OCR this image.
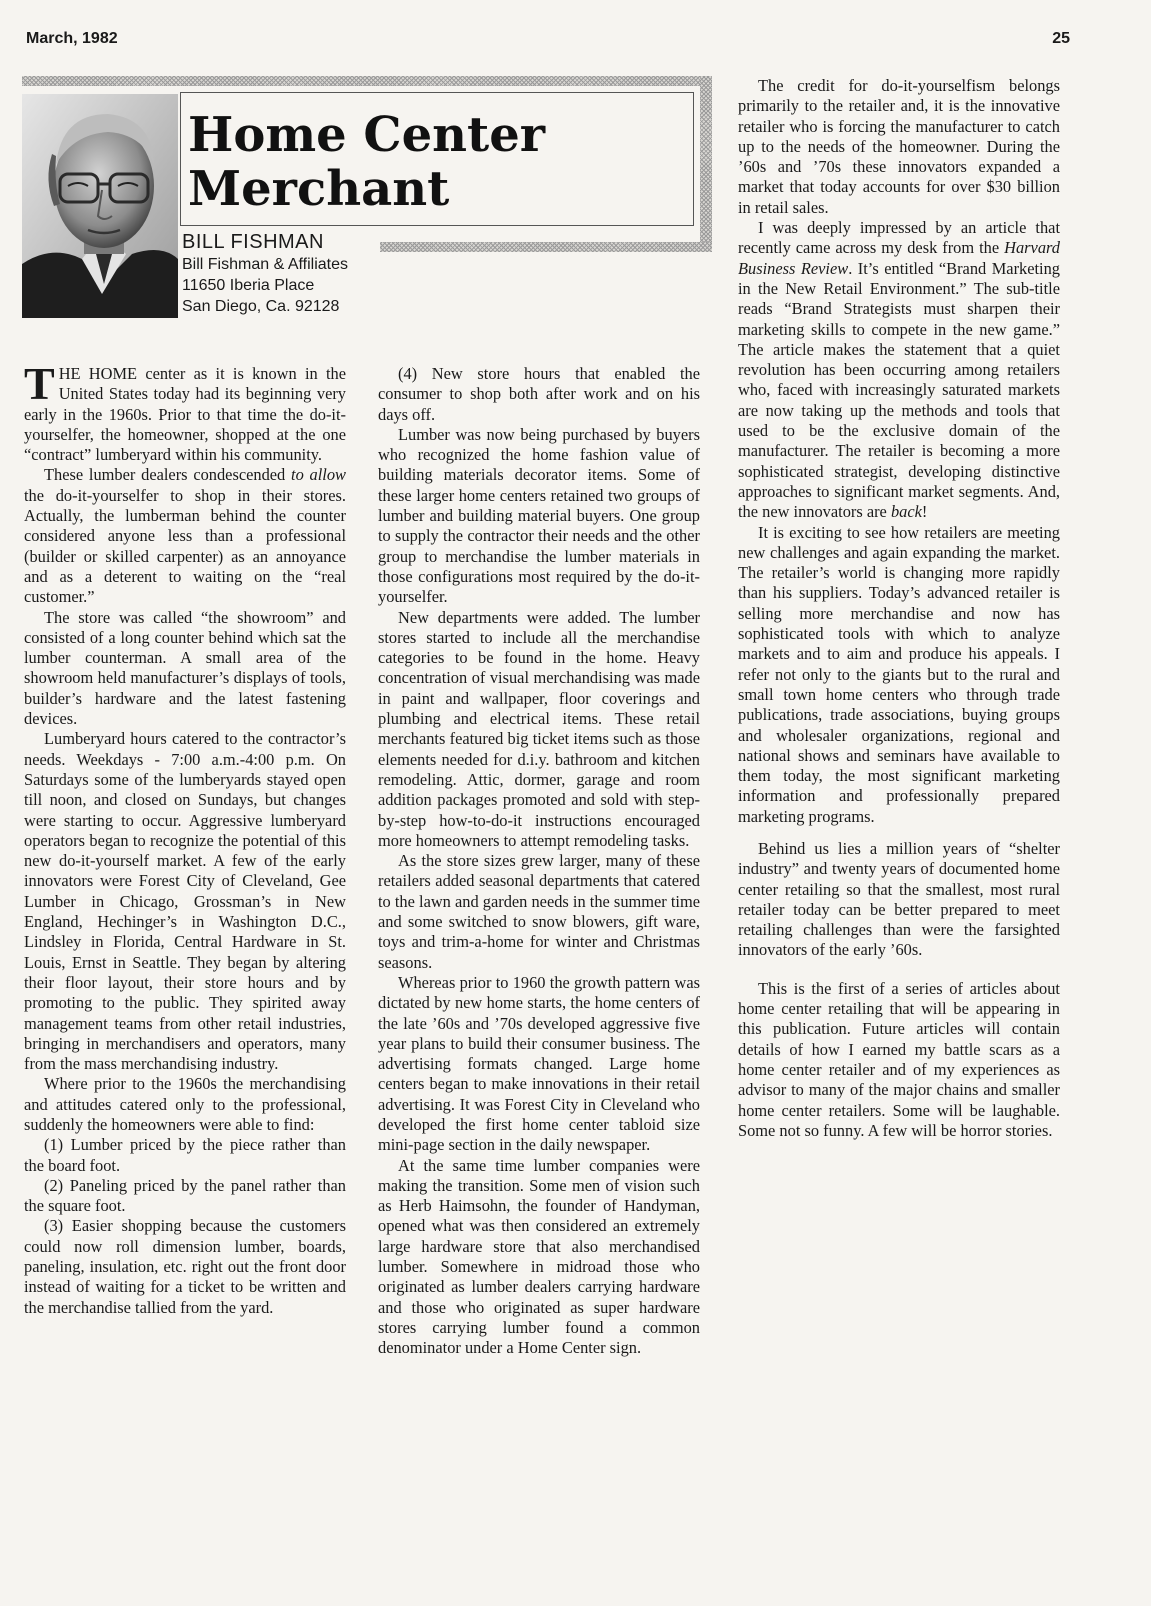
March, 1982	25
Home Center
Merchant
BILL FISHMAN
Bill Fishman & Affiliates
11650 Iberia Place
San Diego, Ca. 92128

THE HOME center as it is known in the United States today had its beginning very early in the 1960s. Prior to that time the do-it-yourselfer, the homeowner, shopped at the one “contract” lumberyard within his community.

These lumber dealers condescended to allow the do-it-yourselfer to shop in their stores. Actually, the lumberman behind the counter considered anyone less than a professional (builder or skilled carpenter) as an annoyance and as a deterent to waiting on the “real customer.”

The store was called “the showroom” and consisted of a long counter behind which sat the lumber counterman. A small area of the showroom held manufacturer’s displays of tools, builder’s hardware and the latest fastening devices.

Lumberyard hours catered to the contractor’s needs. Weekdays - 7:00 a.m.-4:00 p.m. On Saturdays some of the lumberyards stayed open till noon, and closed on Sundays, but changes were starting to occur. Aggressive lumberyard operators began to recognize the potential of this new do-it-yourself market. A few of the early innovators were Forest City of Cleveland, Gee Lumber in Chicago, Grossman’s in New England, Hechinger’s in Washington D.C., Lindsley in Florida, Central Hardware in St. Louis, Ernst in Seattle. They began by altering their floor layout, their store hours and by promoting to the public. They spirited away management teams from other retail industries, bringing in merchandisers and operators, many from the mass merchandising industry.

Where prior to the 1960s the merchandising and attitudes catered only to the professional, suddenly the homeowners were able to find:

(1) Lumber priced by the piece rather than the board foot.

(2) Paneling priced by the panel rather than the square foot.

(3) Easier shopping because the customers could now roll dimension lumber, boards, paneling, insulation, etc. right out the front door instead of waiting for a ticket to be written and the merchandise tallied from the yard.

(4) New store hours that enabled the consumer to shop both after work and on his days off.

Lumber was now being purchased by buyers who recognized the home fashion value of building materials decorator items. Some of these larger home centers retained two groups of lumber and building material buyers. One group to supply the contractor their needs and the other group to merchandise the lumber materials in those configurations most required by the do-it-yourselfer.

New departments were added. The lumber stores started to include all the merchandise categories to be found in the home. Heavy concentration of visual merchandising was made in paint and wallpaper, floor coverings and plumbing and electrical items. These retail merchants featured big ticket items such as those elements needed for d.i.y. bathroom and kitchen remodeling. Attic, dormer, garage and room addition packages promoted and sold with step-by-step how-to-do-it instructions encouraged more homeowners to attempt remodeling tasks.

As the store sizes grew larger, many of these retailers added seasonal departments that catered to the lawn and garden needs in the summer time and some switched to snow blowers, gift ware, toys and trim-a-home for winter and Christmas seasons.

Whereas prior to 1960 the growth pattern was dictated by new home starts, the home centers of the late ’60s and ’70s developed aggressive five year plans to build their consumer business. The advertising formats changed. Large home centers began to make innovations in their retail advertising. It was Forest City in Cleveland who developed the first home center tabloid size mini-page section in the daily newspaper.

At the same time lumber companies were making the transition. Some men of vision such as Herb Haimsohn, the founder of Handyman, opened what was then considered an extremely large hardware store that also merchandised lumber. Somewhere in midroad those who originated as lumber dealers carrying hardware and those who originated as super hardware stores carrying lumber found a common denominator under a Home Center sign.

The credit for do-it-yourselfism belongs primarily to the retailer and, it is the innovative retailer who is forcing the manufacturer to catch up to the needs of the homeowner. During the ’60s and ’70s these innovators expanded a market that today accounts for over $30 billion in retail sales.

I was deeply impressed by an article that recently came across my desk from the Harvard Business Review. It’s entitled “Brand Marketing in the New Retail Environment.” The sub-title reads “Brand Strategists must sharpen their marketing skills to compete in the new game.” The article makes the statement that a quiet revolution has been occurring among retailers who, faced with increasingly saturated markets are now taking up the methods and tools that used to be the exclusive domain of the manufacturer. The retailer is becoming a more sophisticated strategist, developing distinctive approaches to significant market segments. And, the new innovators are back!

It is exciting to see how retailers are meeting new challenges and again expanding the market. The retailer’s world is changing more rapidly than his suppliers. Today’s advanced retailer is selling more merchandise and now has sophisticated tools with which to analyze markets and to aim and produce his appeals. I refer not only to the giants but to the rural and small town home centers who through trade publications, trade associations, buying groups and wholesaler organizations, regional and national shows and seminars have available to them today, the most significant marketing information and professionally prepared marketing programs.

Behind us lies a million years of “shelter industry” and twenty years of documented home center retailing so that the smallest, most rural retailer today can be better prepared to meet retailing challenges than were the farsighted innovators of the early ’60s.

This is the first of a series of articles about home center retailing that will be appearing in this publication. Future articles will contain details of how I earned my battle scars as a home center retailer and of my experiences as advisor to many of the major chains and smaller home center retailers. Some will be laughable. Some not so funny. A few will be horror stories.
